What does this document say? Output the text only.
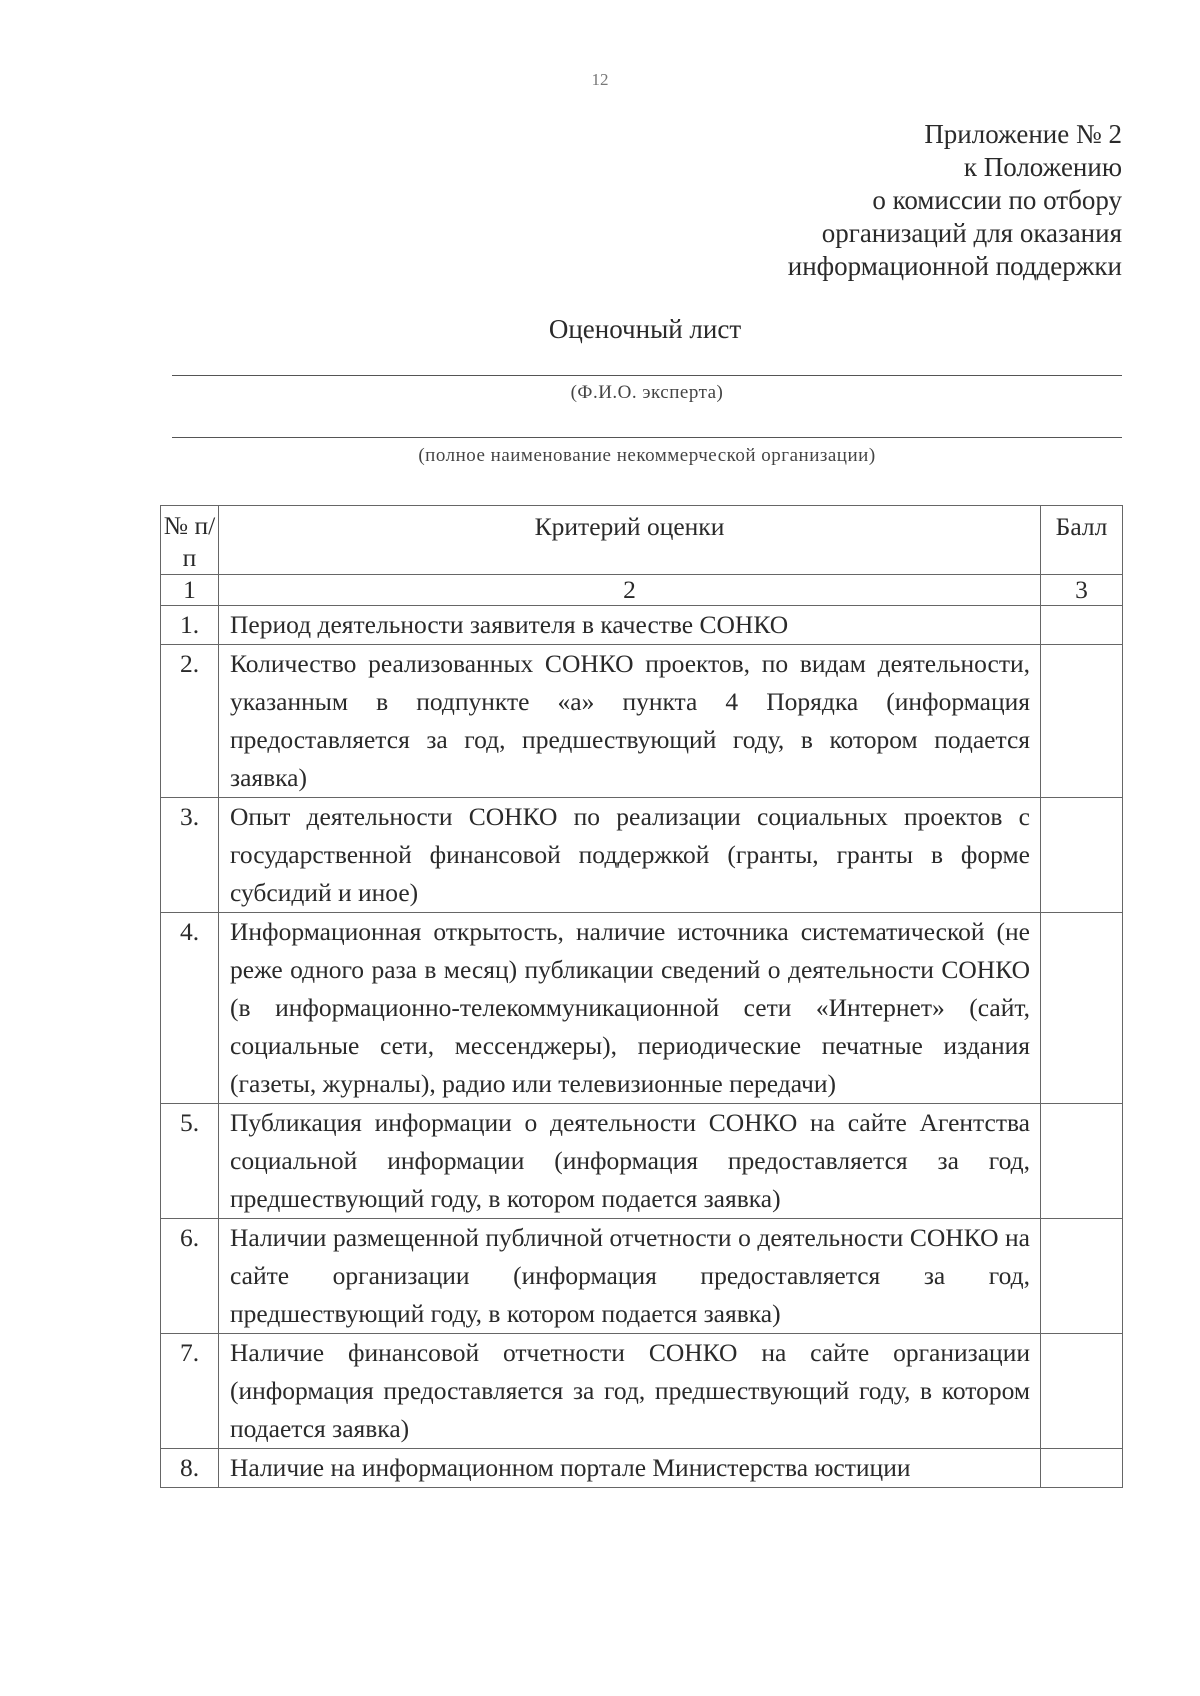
12
Приложение № 2
к Положению
о комиссии по отбору
организаций для оказания
информационной поддержки
Оценочный лист
(Ф.И.О. эксперта)
(полное наименование некоммерческой организации)
№ п/п	Критерий оценки	Балл
1	2	3
1.	Период деятельности заявителя в качестве СОНКО	
2.	Количество реализованных СОНКО проектов, по видам деятельности, указанным в подпункте «а» пункта 4 Порядка (информация предоставляется за год, предшествующий году, в котором подается заявка)	
3.	Опыт деятельности СОНКО по реализации социальных проектов с государственной финансовой поддержкой (гранты, гранты в форме субсидий и иное)	
4.	Информационная открытость, наличие источника систематической (не реже одного раза в месяц) публикации сведений о деятельности СОНКО (в информационно-телекоммуникационной сети «Интернет» (сайт, социальные сети, мессенджеры), периодические печатные издания (газеты, журналы), радио или телевизионные передачи)	
5.	Публикация информации о деятельности СОНКО на сайте Агентства социальной информации (информация предоставляется за год, предшествующий году, в котором подается заявка)	
6.	Наличии размещенной публичной отчетности о деятельности СОНКО на сайте организации (информация предоставляется за год, предшествующий году, в котором подается заявка)	
7.	Наличие финансовой отчетности СОНКО на сайте организации (информация предоставляется за год, предшествующий году, в котором подается заявка)	
8.	Наличие на информационном портале Министерства юстиции	
